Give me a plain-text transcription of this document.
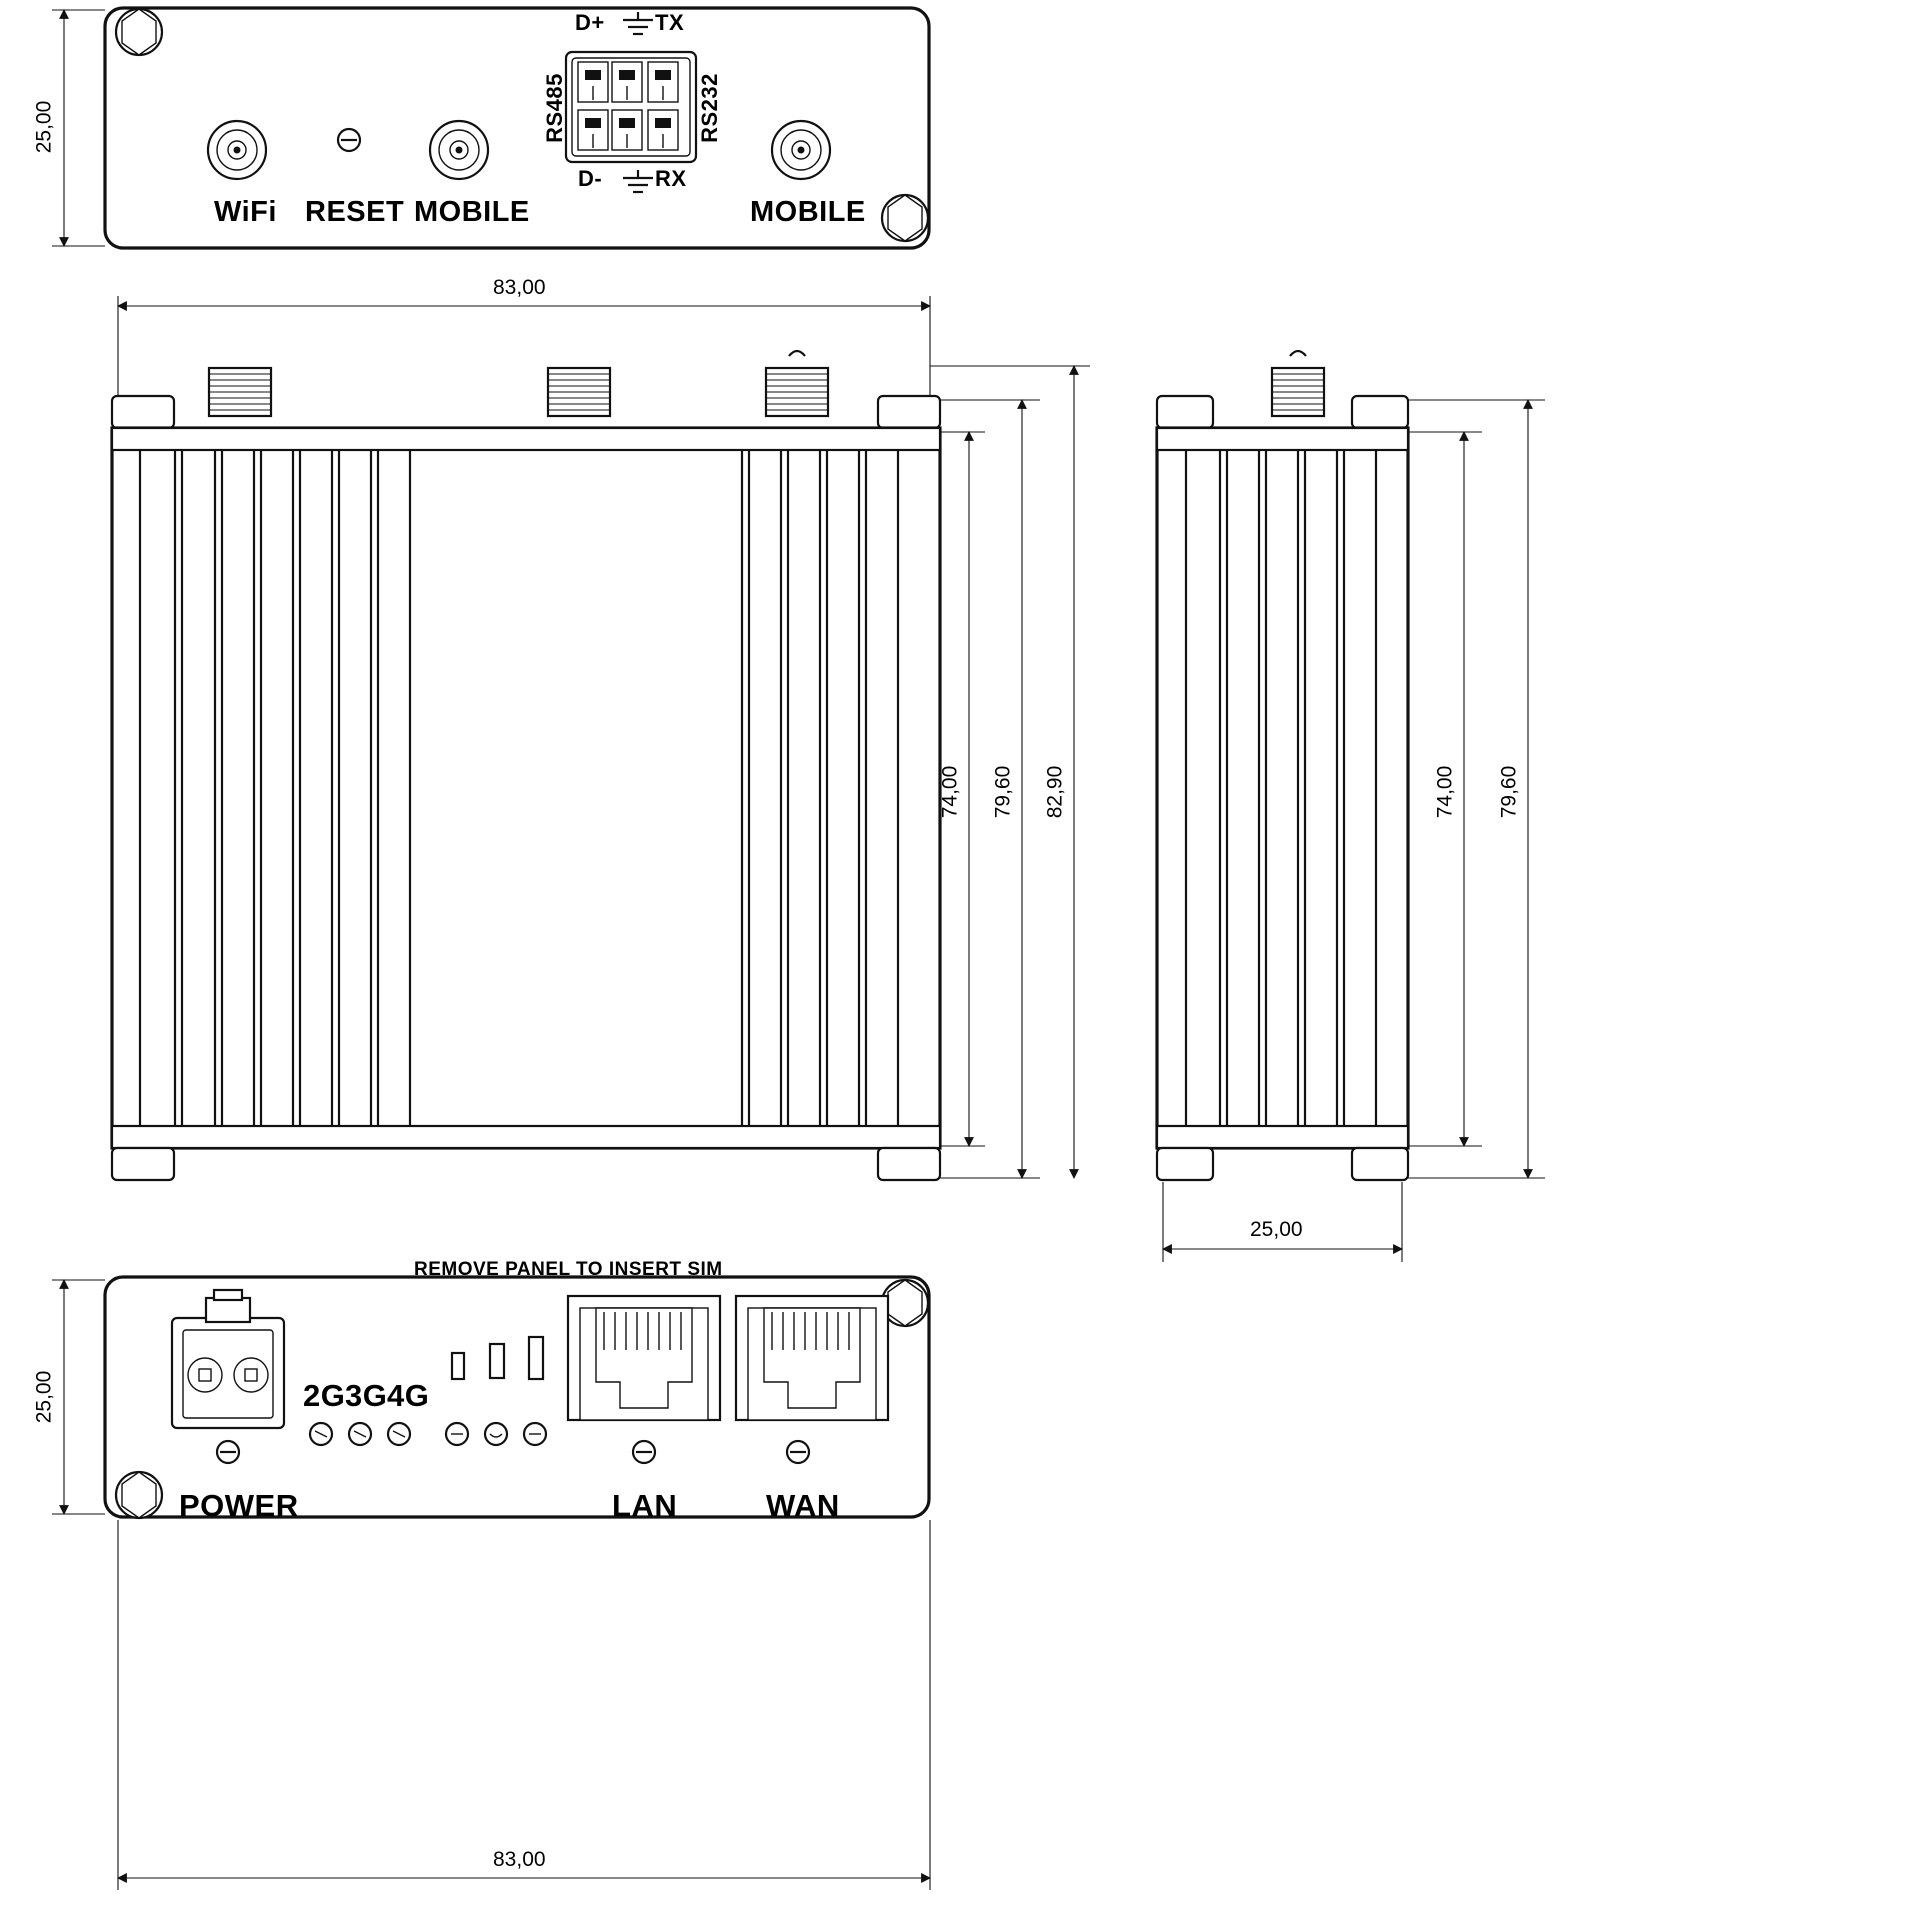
WiFi RESET MOBILE	MOBILE
D+ TX
D- RX
RS485	RS232
25,00
83,00
74,00 79,60 82,90	74,00 79,60
25,00
REMOVE PANEL TO INSERT SIM
2G 3G 4G
POWER	LAN	WAN
25,00
83,00
